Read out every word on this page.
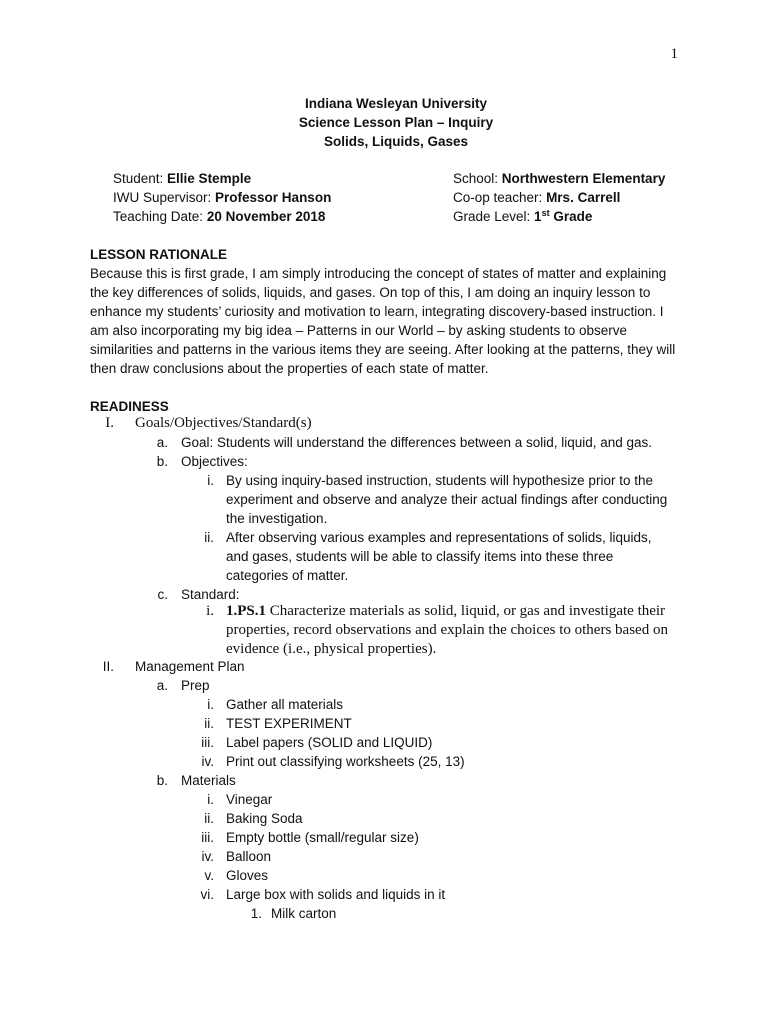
1
Indiana Wesleyan University
Science Lesson Plan – Inquiry
Solids, Liquids, Gases
Student: Ellie Stemple
IWU Supervisor: Professor Hanson
Teaching Date: 20 November 2018
School: Northwestern Elementary
Co-op teacher: Mrs. Carrell
Grade Level: 1st Grade
LESSON RATIONALE
Because this is first grade, I am simply introducing the concept of states of matter and explaining the key differences of solids, liquids, and gases. On top of this, I am doing an inquiry lesson to enhance my students’ curiosity and motivation to learn, integrating discovery-based instruction. I am also incorporating my big idea – Patterns in our World – by asking students to observe similarities and patterns in the various items they are seeing. After looking at the patterns, they will then draw conclusions about the properties of each state of matter.
READINESS
I. Goals/Objectives/Standard(s)
a. Goal: Students will understand the differences between a solid, liquid, and gas.
b. Objectives:
i. By using inquiry-based instruction, students will hypothesize prior to the experiment and observe and analyze their actual findings after conducting the investigation.
ii. After observing various examples and representations of solids, liquids, and gases, students will be able to classify items into these three categories of matter.
c. Standard:
i. 1.PS.1 Characterize materials as solid, liquid, or gas and investigate their properties, record observations and explain the choices to others based on evidence (i.e., physical properties).
II. Management Plan
a. Prep
i. Gather all materials
ii. TEST EXPERIMENT
iii. Label papers (SOLID and LIQUID)
iv. Print out classifying worksheets (25, 13)
b. Materials
i. Vinegar
ii. Baking Soda
iii. Empty bottle (small/regular size)
iv. Balloon
v. Gloves
vi. Large box with solids and liquids in it
1. Milk carton
